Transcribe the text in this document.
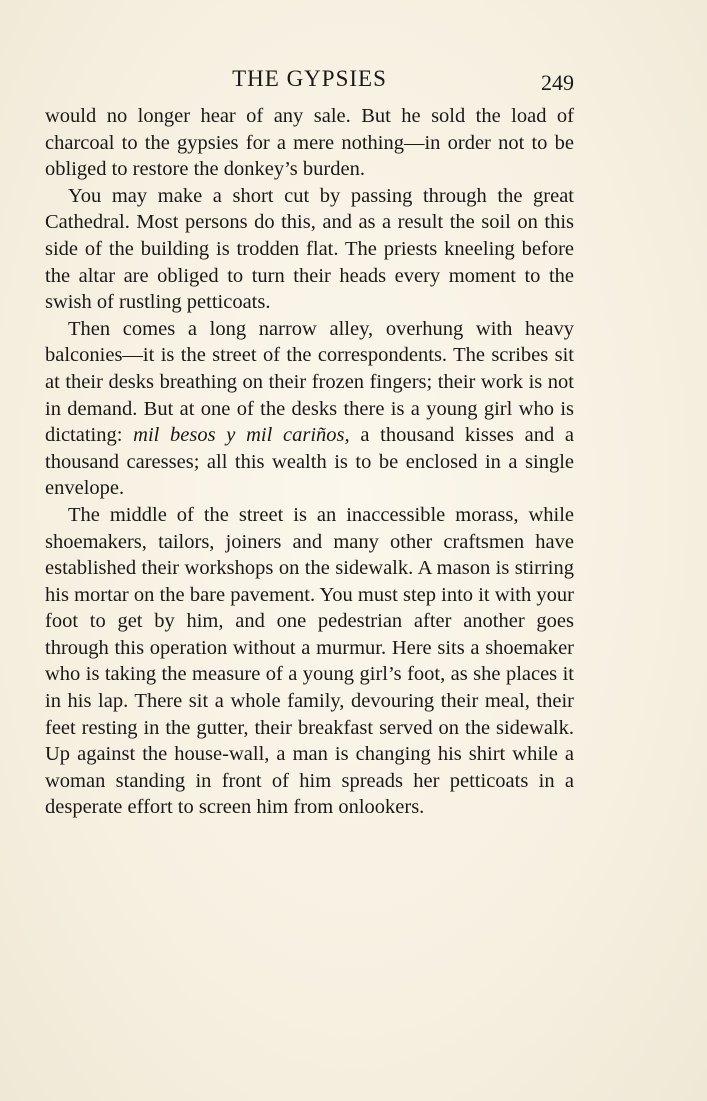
THE GYPSIES	249

would no longer hear of any sale. But he sold the load of charcoal to the gypsies for a mere nothing—in order not to be obliged to restore the donkey’s burden.

You may make a short cut by passing through the great Cathedral. Most persons do this, and as a result the soil on this side of the building is trodden flat. The priests kneeling before the altar are obliged to turn their heads every moment to the swish of rustling petticoats.

Then comes a long narrow alley, overhung with heavy balconies—it is the street of the correspondents. The scribes sit at their desks breathing on their frozen fingers; their work is not in demand. But at one of the desks there is a young girl who is dictating: mil besos y mil cariños, a thousand kisses and a thousand caresses; all this wealth is to be enclosed in a single envelope.

The middle of the street is an inaccessible morass, while shoemakers, tailors, joiners and many other craftsmen have established their workshops on the sidewalk. A mason is stirring his mortar on the bare pavement. You must step into it with your foot to get by him, and one pedestrian after another goes through this operation without a murmur. Here sits a shoemaker who is taking the measure of a young girl’s foot, as she places it in his lap. There sit a whole family, devouring their meal, their feet resting in the gutter, their breakfast served on the sidewalk. Up against the house-wall, a man is changing his shirt while a woman standing in front of him spreads her petticoats in a desperate effort to screen him from onlookers.
